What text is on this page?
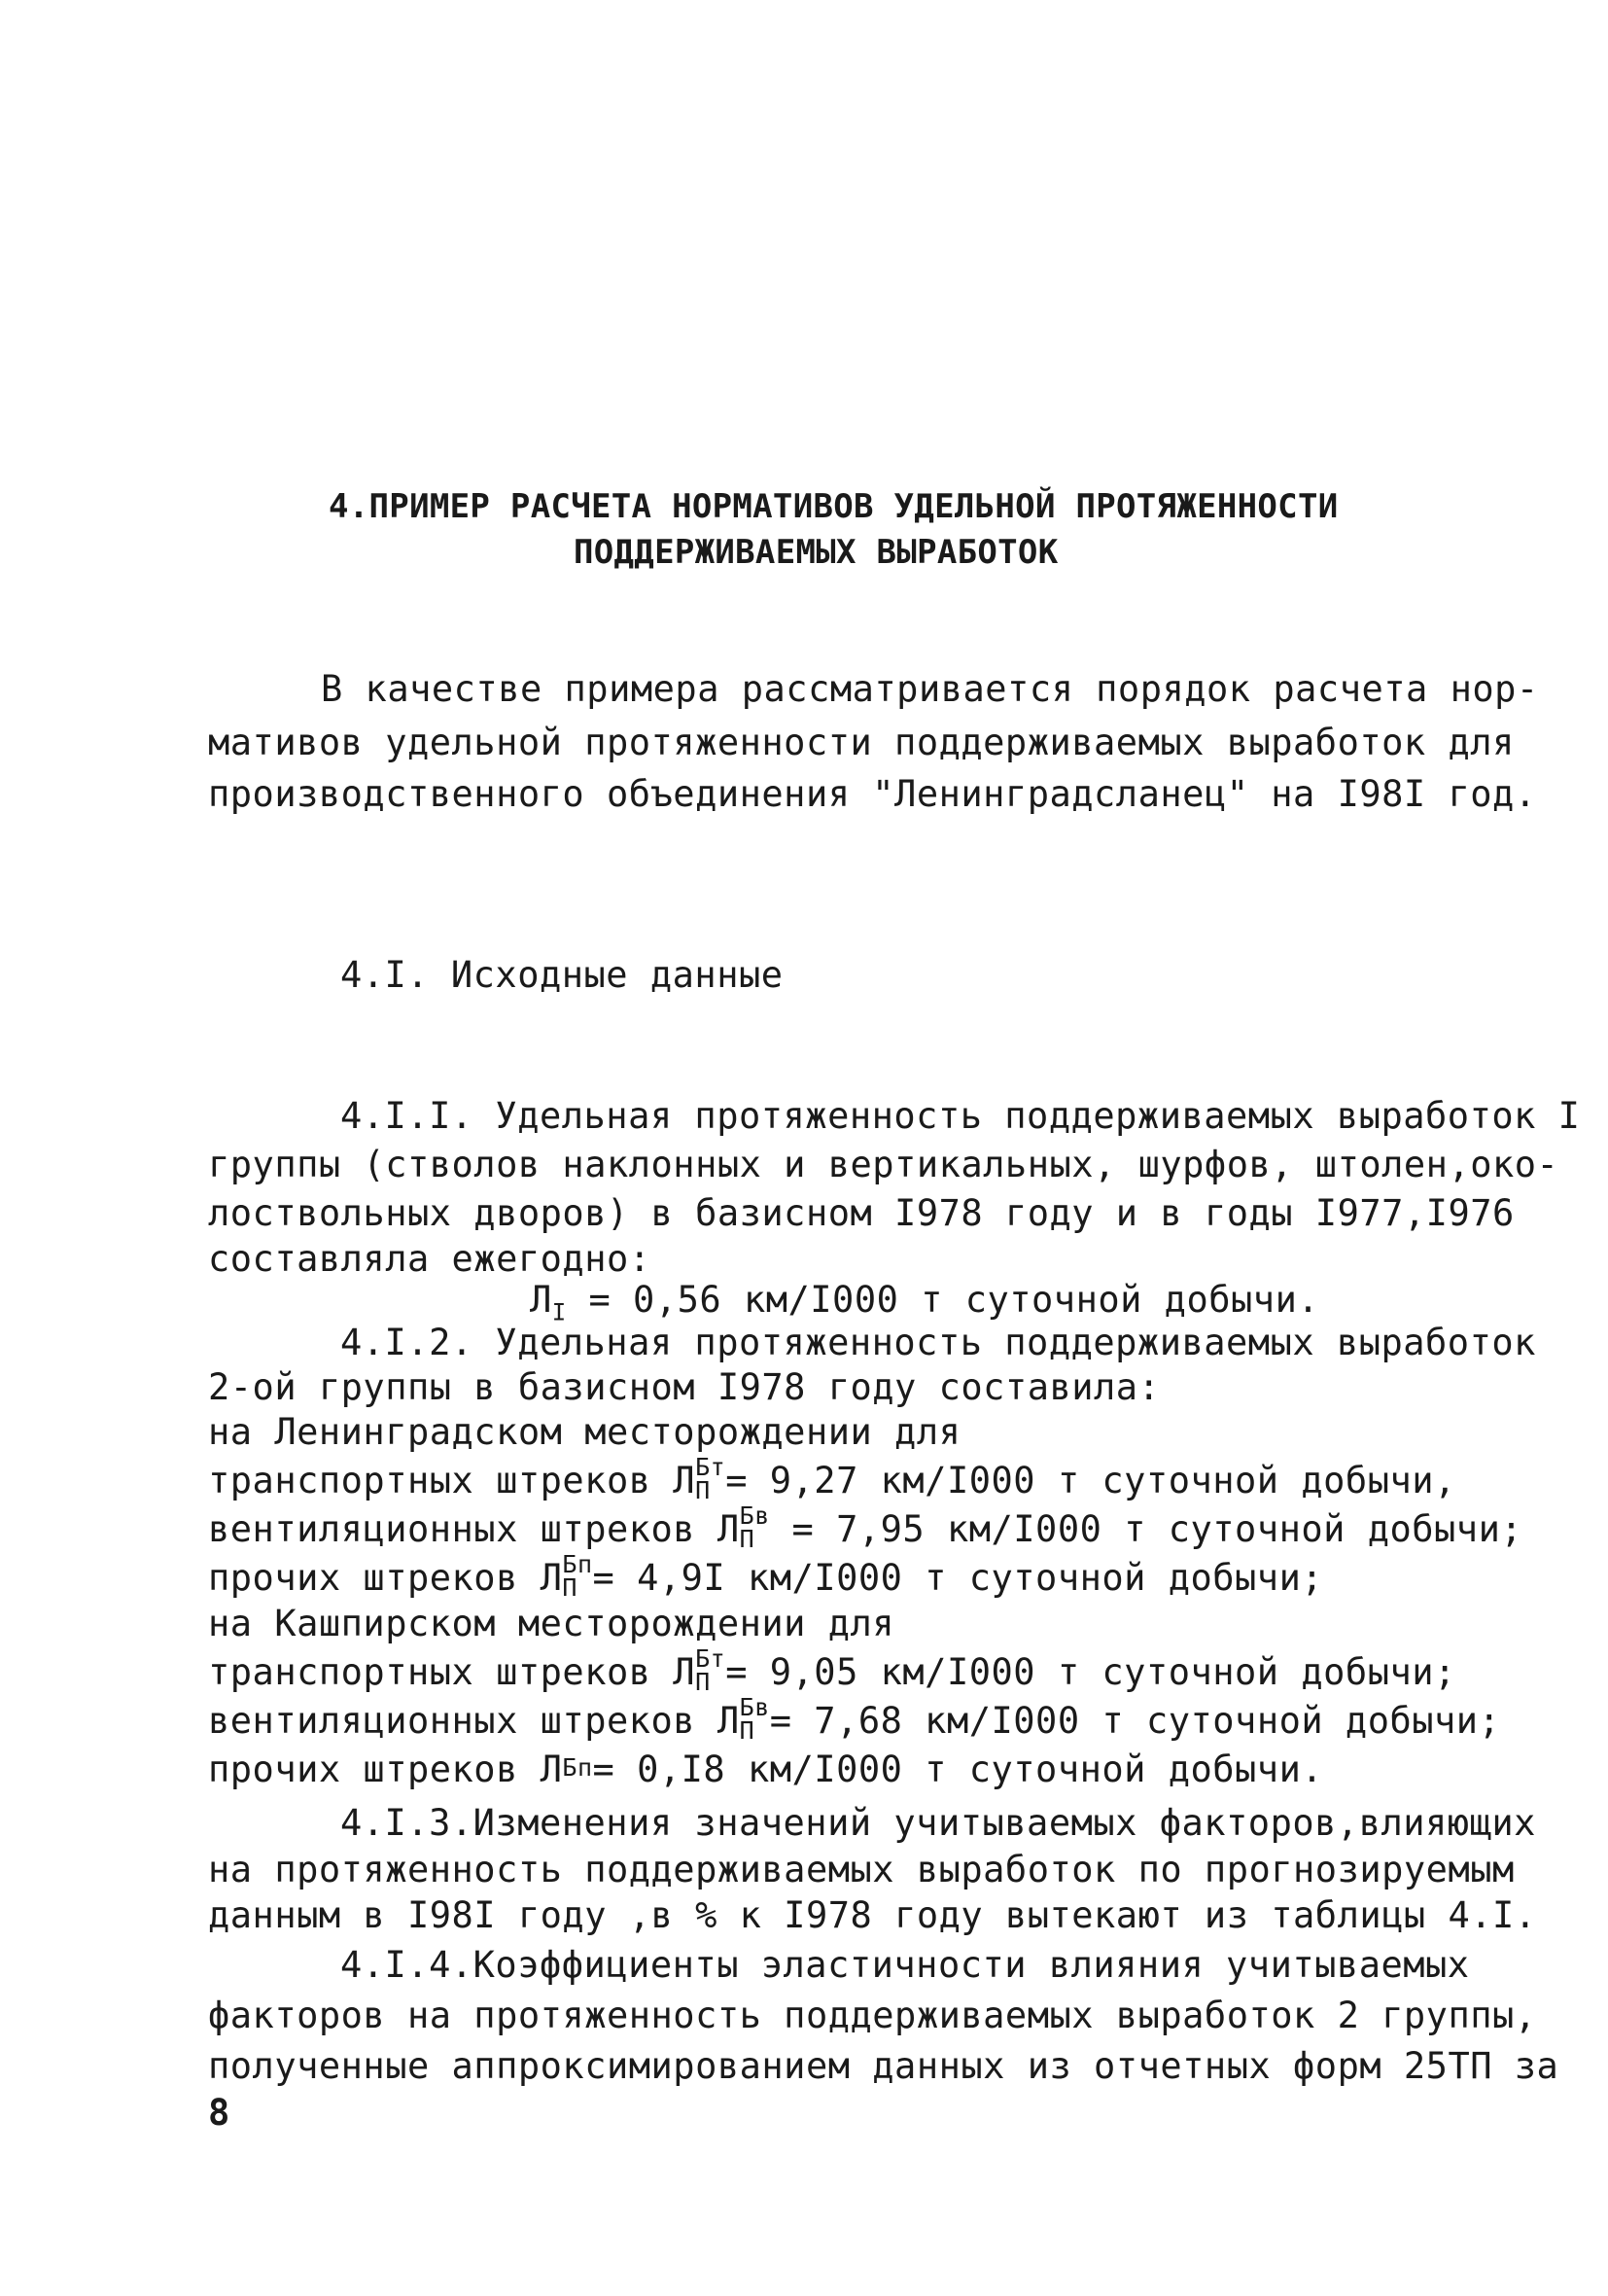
4.ПРИМЕР РАСЧЕТА НОРМАТИВОВ УДЕЛЬНОЙ ПРОТЯЖЕННОСТИ
ПОДДЕРЖИВАЕМЫХ ВЫРАБОТОК
В качестве примера рассматривается порядок расчета нор-
мативов удельной протяженности поддерживаемых выработок для
производственного объединения "Ленинградсланец" на I98I год.
4.I. Исходные данные
4.I.I. Удельная протяженность поддерживаемых выработок I
группы (стволов наклонных и вертикальных, шурфов, штолен,око-
лоствольных дворов) в базисном I978 году и в годы I977,I976
составляла ежегодно:
$Л_I = 0,56$ км/I000 т суточной добычи.
4.I.2. Удельная протяженность поддерживаемых выработок
2-ой группы в базисном I978 году составила:
на Ленинградском месторождении для
транспортных штреков Л Бт
П = 9,27 км/I000 т суточной добычи,
вентиляционных штреков Л Бв
П = 7,95 км/I000 т суточной добычи;
прочих штреков Л Бп
П = 4,9I км/I000 т суточной добычи;
на Кашпирском месторождении для
транспортных штреков Л Бт
П = 9,05 км/I000 т суточной добычи;
вентиляционных штреков Л Бв
П = 7,68 км/I000 т суточной добычи;
прочих штреков Л Бп = 0,I8 км/I000 т суточной добычи.
4.I.3.Изменения значений учитываемых факторов,влияющих
на протяженность поддерживаемых выработок по прогнозируемым
данным в I98I году ,в % к I978 году вытекают из таблицы 4.I.
4.I.4.Коэффициенты эластичности влияния учитываемых
факторов на протяженность поддерживаемых выработок 2 группы,
полученные аппроксимированием данных из отчетных форм 25ТП за
8
